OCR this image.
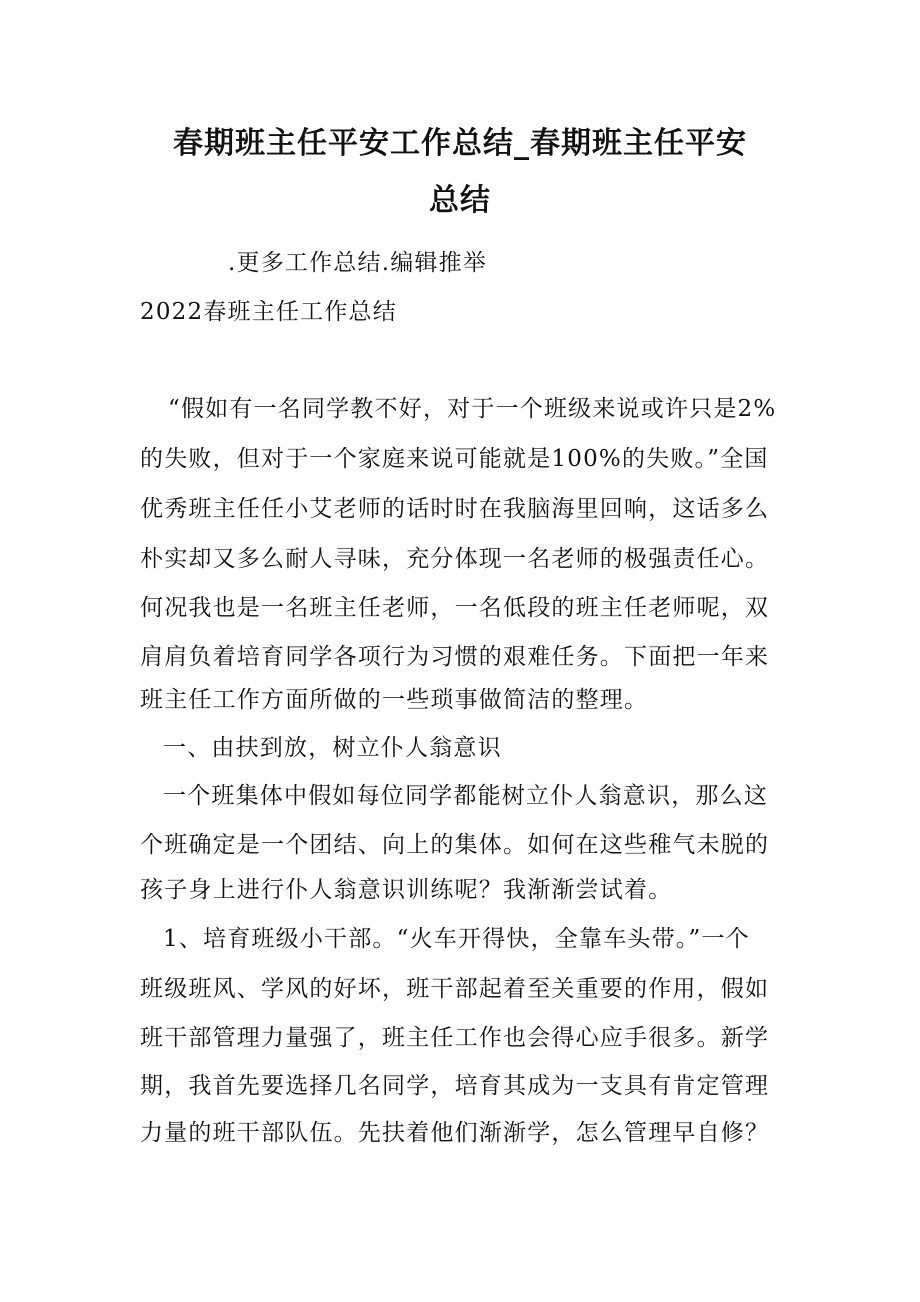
春期班主任平安工作总结_春期班主任平安
总结

.更多工作总结.编辑推举

2022春班主任工作总结

“假如有一名同学教不好，对于一个班级来说或许只是2%

的失败，但对于一个家庭来说可能就是100%的失败。”全国

优秀班主任任小艾老师的话时时在我脑海里回响，这话多么

朴实却又多么耐人寻味，充分体现一名老师的极强责任心。

何况我也是一名班主任老师，一名低段的班主任老师呢，双

肩肩负着培育同学各项行为习惯的艰难任务。下面把一年来

班主任工作方面所做的一些琐事做简洁的整理。

一、由扶到放，树立仆人翁意识

一个班集体中假如每位同学都能树立仆人翁意识，那么这

个班确定是一个团结、向上的集体。如何在这些稚气未脱的

孩子身上进行仆人翁意识训练呢？我渐渐尝试着。

1、培育班级小干部。“火车开得快，全靠车头带。”一个

班级班风、学风的好坏，班干部起着至关重要的作用，假如

班干部管理力量强了，班主任工作也会得心应手很多。新学

期，我首先要选择几名同学，培育其成为一支具有肯定管理

力量的班干部队伍。先扶着他们渐渐学，怎么管理早自修？
